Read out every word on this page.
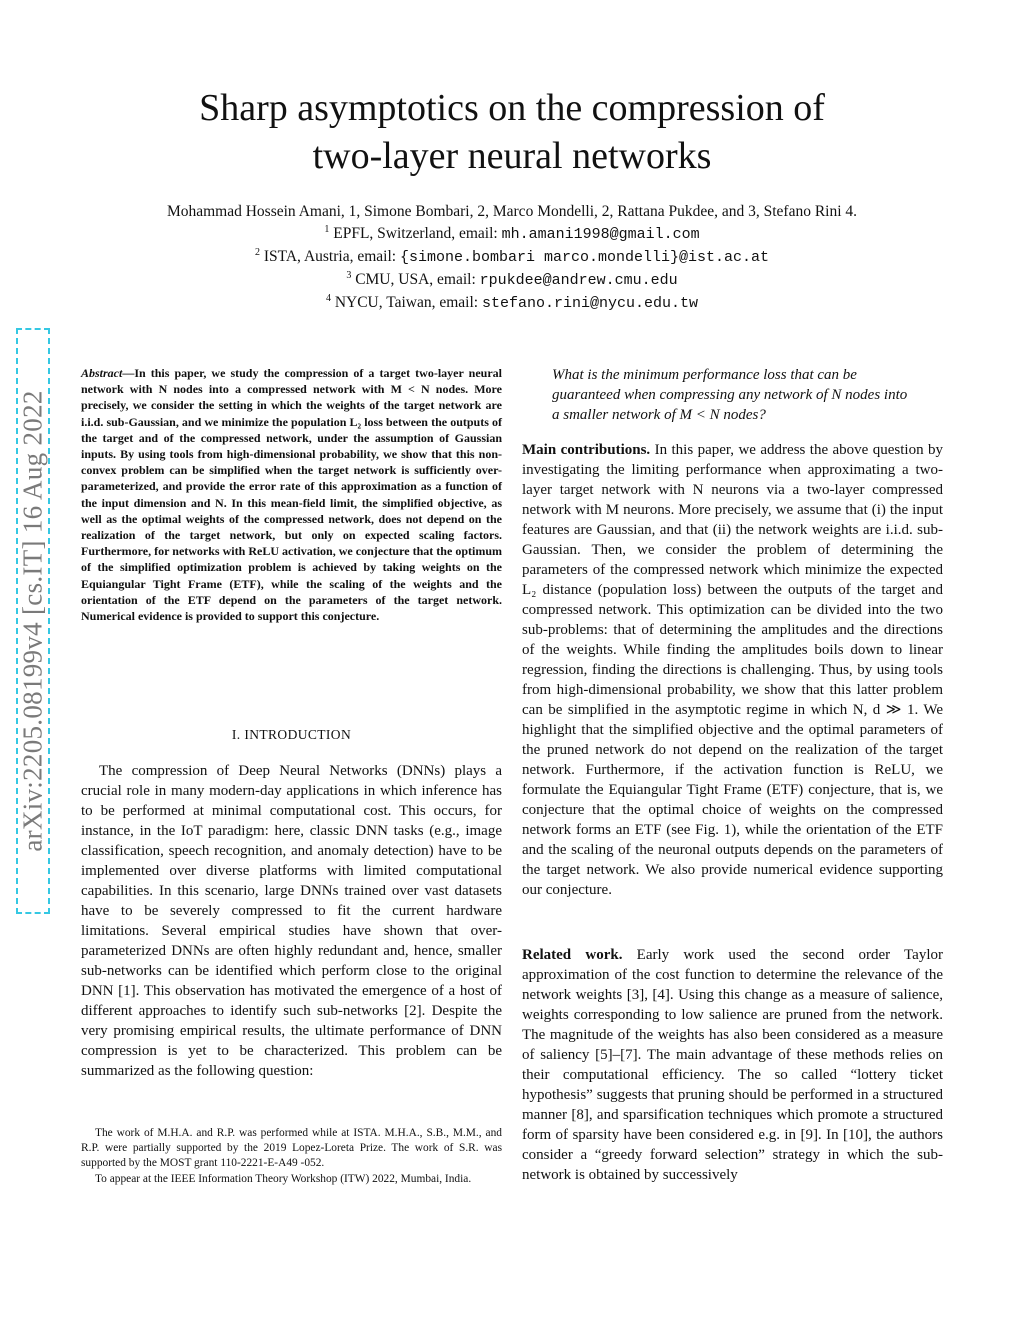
Sharp asymptotics on the compression of
two-layer neural networks
Mohammad Hossein Amani, 1, Simone Bombari, 2, Marco Mondelli, 2, Rattana Pukdee, and 3, Stefano Rini 4.
$^1$ EPFL, Switzerland, email: mh.amani1998@gmail.com
$^2$ ISTA, Austria, email: {simone.bombari marco.mondelli}@ist.ac.at
$^3$ CMU, USA, email: rpukdee@andrew.cmu.edu
$^4$ NYCU, Taiwan, email: stefano.rini@nycu.edu.tw
arXiv:2205.08199v4 [cs.IT] 16 Aug 2022
Abstract—In this paper, we study the compression of a target two-layer neural network with N nodes into a compressed network with M < N nodes. More precisely, we consider the setting in which the weights of the target network are i.i.d. sub-Gaussian, and we minimize the population L₂ loss between the outputs of the target and of the compressed network, under the assumption of Gaussian inputs. By using tools from high-dimensional probability, we show that this non-convex problem can be simplified when the target network is sufficiently over-parameterized, and provide the error rate of this approximation as a function of the input dimension and N. In this mean-field limit, the simplified objective, as well as the optimal weights of the compressed network, does not depend on the realization of the target network, but only on expected scaling factors. Furthermore, for networks with ReLU activation, we conjecture that the optimum of the simplified optimization problem is achieved by taking weights on the Equiangular Tight Frame (ETF), while the scaling of the weights and the orientation of the ETF depend on the parameters of the target network. Numerical evidence is provided to support this conjecture.
I. INTRODUCTION
The compression of Deep Neural Networks (DNNs) plays a crucial role in many modern-day applications in which inference has to be performed at minimal computational cost. This occurs, for instance, in the IoT paradigm: here, classic DNN tasks (e.g., image classification, speech recognition, and anomaly detection) have to be implemented over diverse platforms with limited computational capabilities. In this scenario, large DNNs trained over vast datasets have to be severely compressed to fit the current hardware limitations. Several empirical studies have shown that over-parameterized DNNs are often highly redundant and, hence, smaller sub-networks can be identified which perform close to the original DNN [1]. This observation has motivated the emergence of a host of different approaches to identify such sub-networks [2]. Despite the very promising empirical results, the ultimate performance of DNN compression is yet to be characterized. This problem can be summarized as the following question:
The work of M.H.A. and R.P. was performed while at ISTA. M.H.A., S.B., M.M., and R.P. were partially supported by the 2019 Lopez-Loreta Prize. The work of S.R. was supported by the MOST grant 110-2221-E-A49 -052.
To appear at the IEEE Information Theory Workshop (ITW) 2022, Mumbai, India.
What is the minimum performance loss that can be guaranteed when compressing any network of N nodes into a smaller network of M < N nodes?
Main contributions. In this paper, we address the above question by investigating the limiting performance when approximating a two-layer target network with N neurons via a two-layer compressed network with M neurons. More precisely, we assume that (i) the input features are Gaussian, and that (ii) the network weights are i.i.d. sub-Gaussian. Then, we consider the problem of determining the parameters of the compressed network which minimize the expected L₂ distance (population loss) between the outputs of the target and compressed network. This optimization can be divided into the two sub-problems: that of determining the amplitudes and the directions of the weights. While finding the amplitudes boils down to linear regression, finding the directions is challenging. Thus, by using tools from high-dimensional probability, we show that this latter problem can be simplified in the asymptotic regime in which N, d ≫ 1. We highlight that the simplified objective and the optimal parameters of the pruned network do not depend on the realization of the target network. Furthermore, if the activation function is ReLU, we formulate the Equiangular Tight Frame (ETF) conjecture, that is, we conjecture that the optimal choice of weights on the compressed network forms an ETF (see Fig. 1), while the orientation of the ETF and the scaling of the neuronal outputs depends on the parameters of the target network. We also provide numerical evidence supporting our conjecture.
Related work. Early work used the second order Taylor approximation of the cost function to determine the relevance of the network weights [3], [4]. Using this change as a measure of salience, weights corresponding to low salience are pruned from the network. The magnitude of the weights has also been considered as a measure of saliency [5]–[7]. The main advantage of these methods relies on their computational efficiency. The so called “lottery ticket hypothesis” suggests that pruning should be performed in a structured manner [8], and sparsification techniques which promote a structured form of sparsity have been considered e.g. in [9]. In [10], the authors consider a “greedy forward selection” strategy in which the sub-network is obtained by successively
